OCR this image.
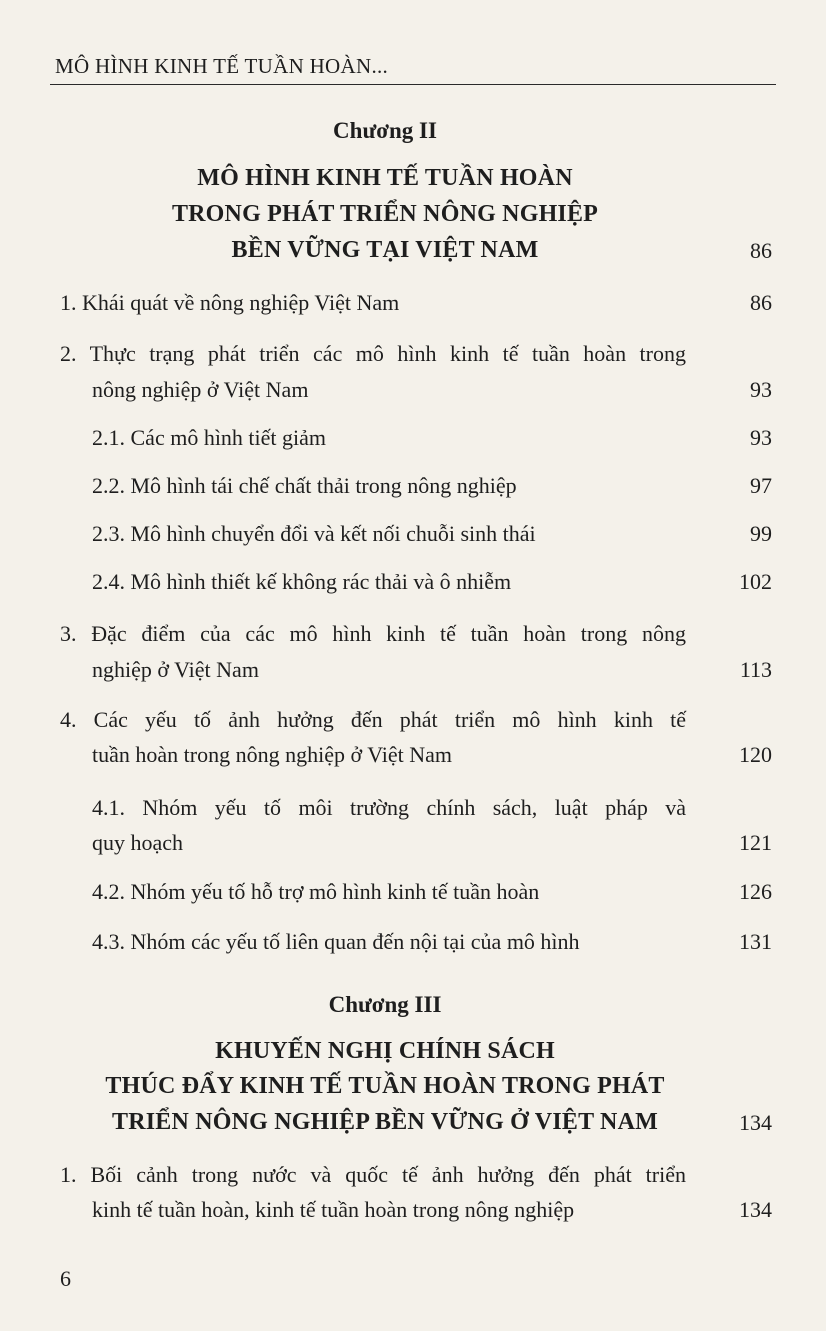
MÔ HÌNH KINH TẾ TUẦN HOÀN...
Chương II
MÔ HÌNH KINH TẾ TUẦN HOÀN
TRONG PHÁT TRIỂN NÔNG NGHIỆP
BỀN VỮNG TẠI VIỆT NAM	86
1. Khái quát về nông nghiệp Việt Nam	86
2. Thực trạng phát triển các mô hình kinh tế tuần hoàn trong
nông nghiệp ở Việt Nam	93
2.1. Các mô hình tiết giảm	93
2.2. Mô hình tái chế chất thải trong nông nghiệp	97
2.3. Mô hình chuyển đổi và kết nối chuỗi sinh thái	99
2.4. Mô hình thiết kế không rác thải và ô nhiễm	102
3. Đặc điểm của các mô hình kinh tế tuần hoàn trong nông
nghiệp ở Việt Nam	113
4. Các yếu tố ảnh hưởng đến phát triển mô hình kinh tế
tuần hoàn trong nông nghiệp ở Việt Nam	120
4.1. Nhóm yếu tố môi trường chính sách, luật pháp và
quy hoạch	121
4.2. Nhóm yếu tố hỗ trợ mô hình kinh tế tuần hoàn	126
4.3. Nhóm các yếu tố liên quan đến nội tại của mô hình	131
Chương III
KHUYẾN NGHỊ CHÍNH SÁCH
THÚC ĐẨY KINH TẾ TUẦN HOÀN TRONG PHÁT
TRIỂN NÔNG NGHIỆP BỀN VỮNG Ở VIỆT NAM	134
1. Bối cảnh trong nước và quốc tế ảnh hưởng đến phát triển
kinh tế tuần hoàn, kinh tế tuần hoàn trong nông nghiệp	134
6
